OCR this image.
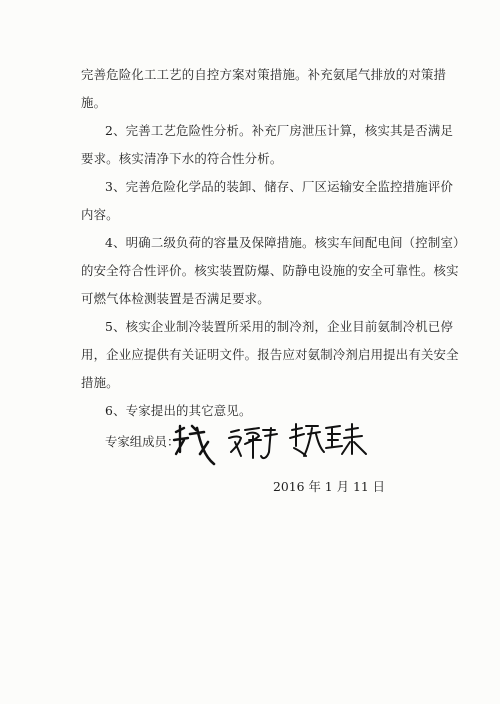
完善危险化工工艺的自控方案对策措施。补充氨尾气排放的对策措
施。
2、完善工艺危险性分析。补充厂房泄压计算，核实其是否满足
要求。核实清净下水的符合性分析。
3、完善危险化学品的装卸、储存、厂区运输安全监控措施评价
内容。
4、明确二级负荷的容量及保障措施。核实车间配电间（控制室）
的安全符合性评价。核实装置防爆、防静电设施的安全可靠性。核实
可燃气体检测装置是否满足要求。
5、核实企业制冷装置所采用的制冷剂，企业目前氨制冷机已停
用，企业应提供有关证明文件。报告应对氨制冷剂启用提出有关安全
措施。
6、专家提出的其它意见。
专家组成员：
2016 年 1 月 11 日
